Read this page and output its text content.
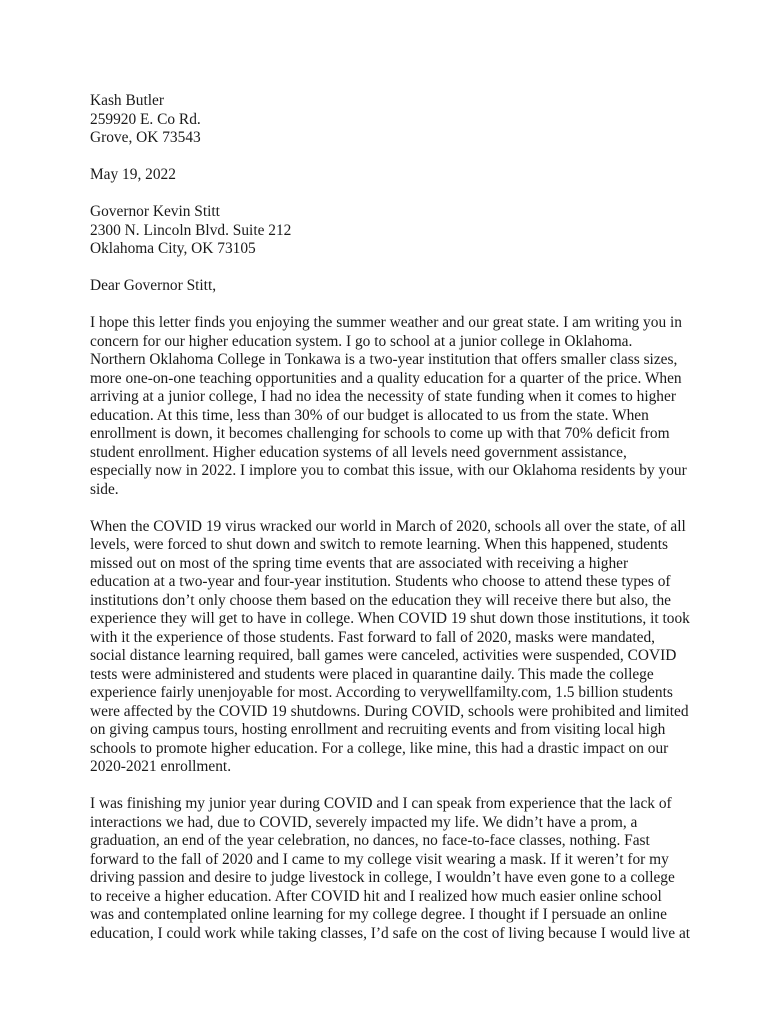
Kash Butler
259920 E. Co Rd.
Grove, OK 73543
May 19, 2022
Governor Kevin Stitt
2300 N. Lincoln Blvd. Suite 212
Oklahoma City, OK 73105
Dear Governor Stitt,
I hope this letter finds you enjoying the summer weather and our great state. I am writing you in
concern for our higher education system. I go to school at a junior college in Oklahoma.
Northern Oklahoma College in Tonkawa is a two-year institution that offers smaller class sizes,
more one-on-one teaching opportunities and a quality education for a quarter of the price. When
arriving at a junior college, I had no idea the necessity of state funding when it comes to higher
education. At this time, less than 30% of our budget is allocated to us from the state. When
enrollment is down, it becomes challenging for schools to come up with that 70% deficit from
student enrollment. Higher education systems of all levels need government assistance,
especially now in 2022. I implore you to combat this issue, with our Oklahoma residents by your
side.
When the COVID 19 virus wracked our world in March of 2020, schools all over the state, of all
levels, were forced to shut down and switch to remote learning. When this happened, students
missed out on most of the spring time events that are associated with receiving a higher
education at a two-year and four-year institution. Students who choose to attend these types of
institutions don’t only choose them based on the education they will receive there but also, the
experience they will get to have in college. When COVID 19 shut down those institutions, it took
with it the experience of those students. Fast forward to fall of 2020, masks were mandated,
social distance learning required, ball games were canceled, activities were suspended, COVID
tests were administered and students were placed in quarantine daily. This made the college
experience fairly unenjoyable for most. According to verywellfamilty.com, 1.5 billion students
were affected by the COVID 19 shutdowns. During COVID, schools were prohibited and limited
on giving campus tours, hosting enrollment and recruiting events and from visiting local high
schools to promote higher education. For a college, like mine, this had a drastic impact on our
2020-2021 enrollment.
I was finishing my junior year during COVID and I can speak from experience that the lack of
interactions we had, due to COVID, severely impacted my life. We didn’t have a prom, a
graduation, an end of the year celebration, no dances, no face-to-face classes, nothing. Fast
forward to the fall of 2020 and I came to my college visit wearing a mask. If it weren’t for my
driving passion and desire to judge livestock in college, I wouldn’t have even gone to a college
to receive a higher education. After COVID hit and I realized how much easier online school
was and contemplated online learning for my college degree. I thought if I persuade an online
education, I could work while taking classes, I’d safe on the cost of living because I would live at
